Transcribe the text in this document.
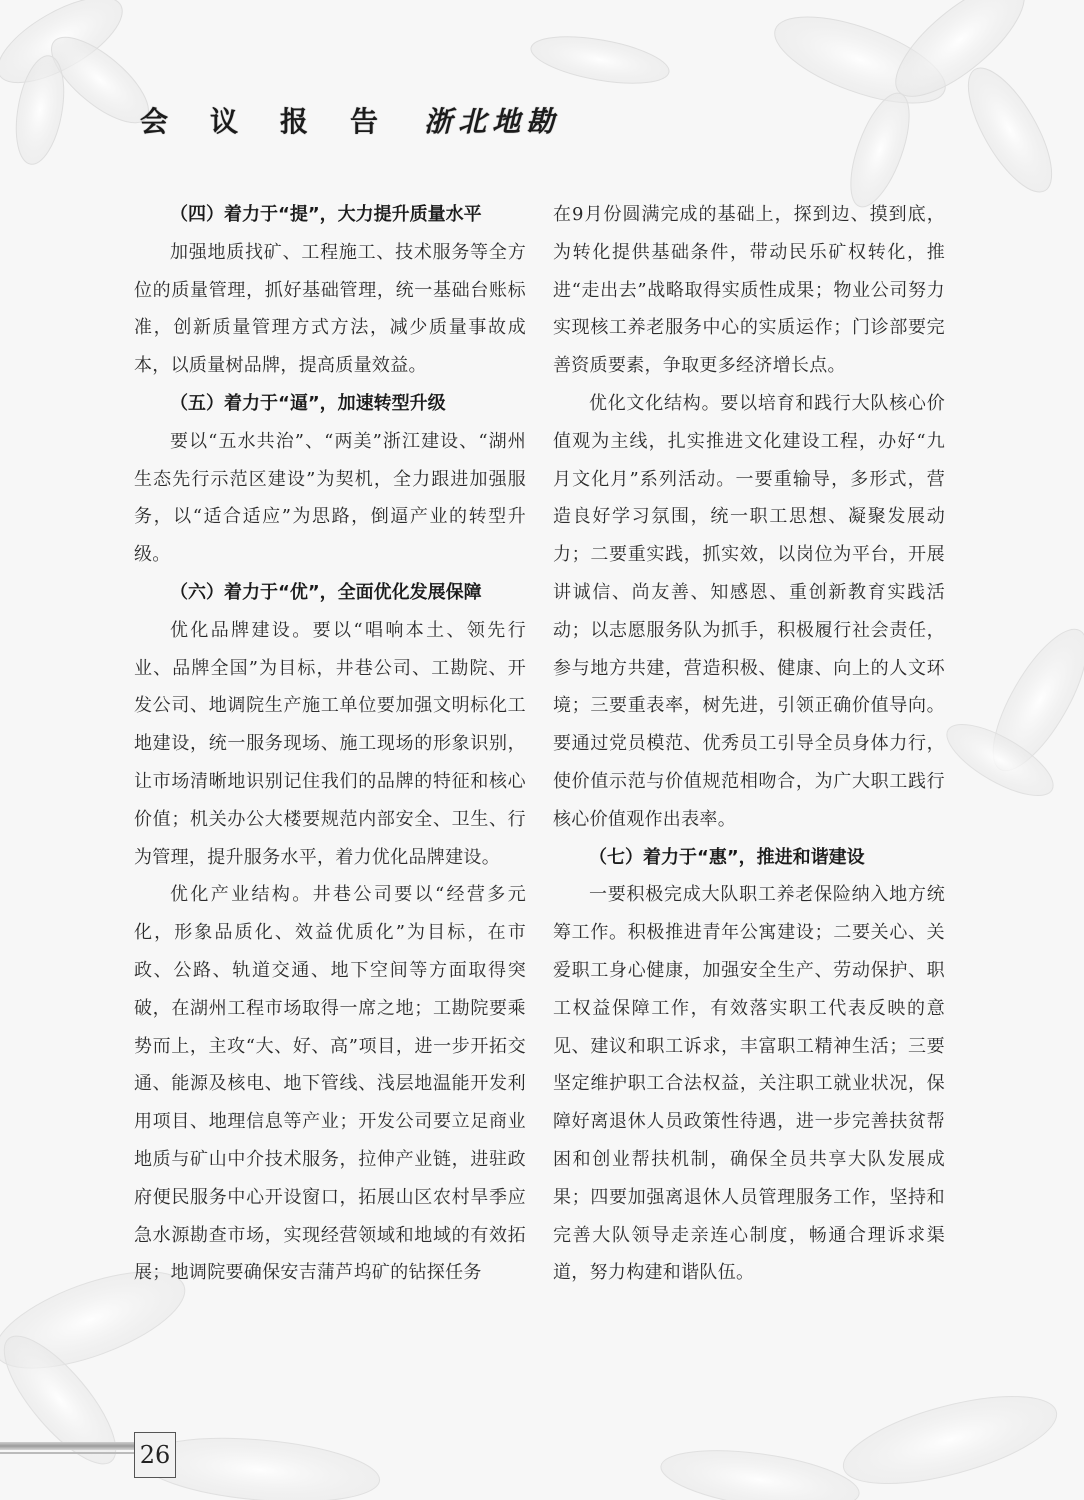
会 议 报 告 浙北地勘

（四）着力于“提”，大力提升质量水平

加强地质找矿、工程施工、技术服务等全方位的质量管理，抓好基础管理，统一基础台账标准，创新质量管理方式方法，减少质量事故成本，以质量树品牌，提高质量效益。

（五）着力于“逼”，加速转型升级

要以“五水共治”、“两美”浙江建设、“湖州生态先行示范区建设”为契机，全力跟进加强服务，以“适合适应”为思路，倒逼产业的转型升级。

（六）着力于“优”，全面优化发展保障

优化品牌建设。要以“唱响本土、领先行业、品牌全国”为目标，井巷公司、工勘院、开发公司、地调院生产施工单位要加强文明标化工地建设，统一服务现场、施工现场的形象识别，让市场清晰地识别记住我们的品牌的特征和核心价值；机关办公大楼要规范内部安全、卫生、行为管理，提升服务水平，着力优化品牌建设。

优化产业结构。井巷公司要以“经营多元化，形象品质化、效益优质化”为目标，在市政、公路、轨道交通、地下空间等方面取得突破，在湖州工程市场取得一席之地；工勘院要乘势而上，主攻“大、好、高”项目，进一步开拓交通、能源及核电、地下管线、浅层地温能开发利用项目、地理信息等产业；开发公司要立足商业地质与矿山中介技术服务，拉伸产业链，进驻政府便民服务中心开设窗口，拓展山区农村旱季应急水源勘查市场，实现经营领域和地域的有效拓展；地调院要确保安吉蒲芦坞矿的钻探任务

在9月份圆满完成的基础上，探到边、摸到底，为转化提供基础条件，带动民乐矿权转化，推进“走出去”战略取得实质性成果；物业公司努力实现核工养老服务中心的实质运作；门诊部要完善资质要素，争取更多经济增长点。

优化文化结构。要以培育和践行大队核心价值观为主线，扎实推进文化建设工程，办好“九月文化月”系列活动。一要重输导，多形式，营造良好学习氛围，统一职工思想、凝聚发展动力；二要重实践，抓实效，以岗位为平台，开展讲诚信、尚友善、知感恩、重创新教育实践活动；以志愿服务队为抓手，积极履行社会责任，参与地方共建，营造积极、健康、向上的人文环境；三要重表率，树先进，引领正确价值导向。要通过党员模范、优秀员工引导全员身体力行，使价值示范与价值规范相吻合，为广大职工践行核心价值观作出表率。

（七）着力于“惠”，推进和谐建设

一要积极完成大队职工养老保险纳入地方统筹工作。积极推进青年公寓建设；二要关心、关爱职工身心健康，加强安全生产、劳动保护、职工权益保障工作，有效落实职工代表反映的意见、建议和职工诉求，丰富职工精神生活；三要坚定维护职工合法权益，关注职工就业状况，保障好离退休人员政策性待遇，进一步完善扶贫帮困和创业帮扶机制，确保全员共享大队发展成果；四要加强离退休人员管理服务工作，坚持和完善大队领导走亲连心制度，畅通合理诉求渠道，努力构建和谐队伍。

26
